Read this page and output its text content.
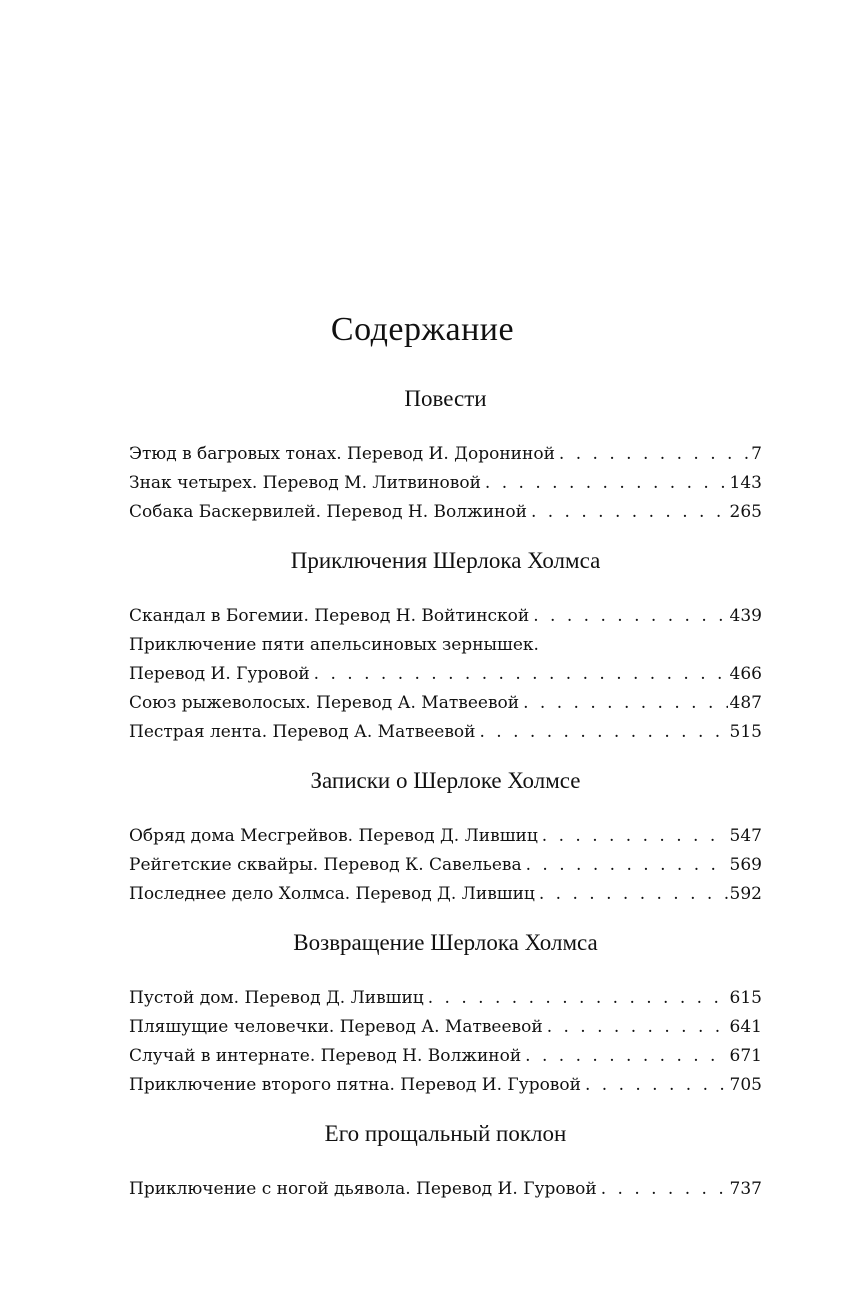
Содержание
Повести
Этюд в багровых тонах. Перевод И. Дорониной . . .	7
Знак четырех. Перевод М. Литвиновой . . .	143
Собака Баскервилей. Перевод Н. Волжиной . . .	265
Приключения Шерлока Холмса
Скандал в Богемии. Перевод Н. Войтинской . . .	439
Приключение пяти апельсиновых зернышек.
Перевод И. Гуровой . . .	466
Союз рыжеволосых. Перевод А. Матвеевой . . .	487
Пестрая лента. Перевод А. Матвеевой . . .	515
Записки о Шерлоке Холмсе
Обряд дома Месгрейвов. Перевод Д. Лившиц . . .	547
Рейгетские сквайры. Перевод К. Савельева . . .	569
Последнее дело Холмса. Перевод Д. Лившиц . . .	592
Возвращение Шерлока Холмса
Пустой дом. Перевод Д. Лившиц . . .	615
Пляшущие человечки. Перевод А. Матвеевой . . .	641
Случай в интернате. Перевод Н. Волжиной . . .	671
Приключение второго пятна. Перевод И. Гуровой . . .	705
Его прощальный поклон
Приключение с ногой дьявола. Перевод И. Гуровой . . .	737
